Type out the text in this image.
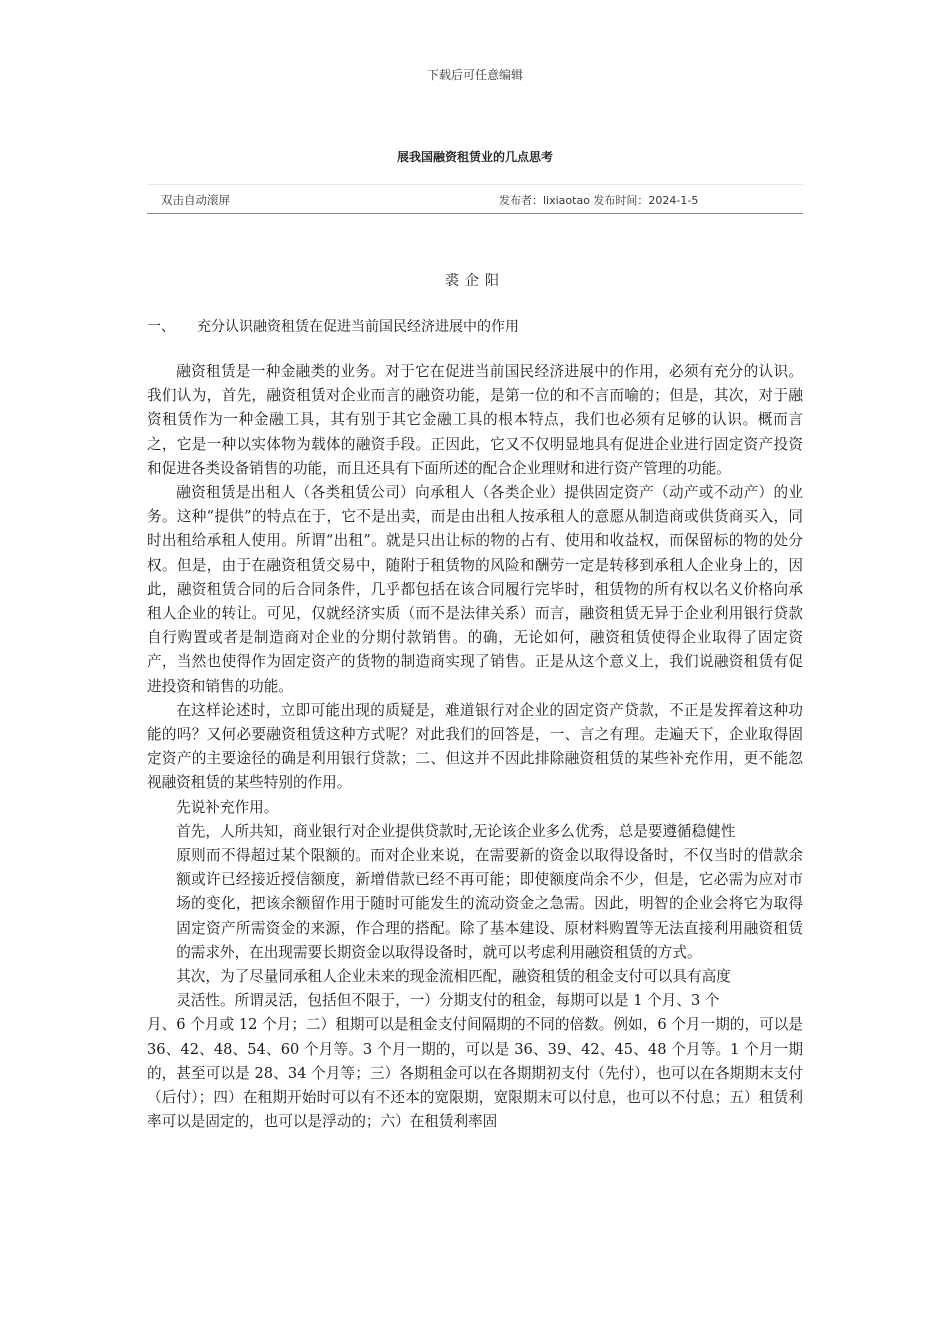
下载后可任意编辑
展我国融资租赁业的几点思考
双击自动滚屏	发布者：lixiaotao 发布时间：2024-1-5
裘企阳
一、 充分认识融资租赁在促进当前国民经济进展中的作用

融资租赁是一种金融类的业务。对于它在促进当前国民经济进展中的作用，必须有充分的认识。我们认为，首先，融资租赁对企业而言的融资功能，是第一位的和不言而喻的；但是，其次，对于融资租赁作为一种金融工具，其有别于其它金融工具的根本特点，我们也必须有足够的认识。概而言之，它是一种以实体物为载体的融资手段。正因此，它又不仅明显地具有促进企业进行固定资产投资和促进各类设备销售的功能，而且还具有下面所述的配合企业理财和进行资产管理的功能。

融资租赁是出租人（各类租赁公司）向承租人（各类企业）提供固定资产（动产或不动产）的业务。这种“提供”的特点在于，它不是出卖，而是由出租人按承租人的意愿从制造商或供货商买入，同时出租给承租人使用。所谓“出租”。就是只出让标的物的占有、使用和收益权，而保留标的物的处分权。但是，由于在融资租赁交易中，随附于租赁物的风险和酬劳一定是转移到承租人企业身上的，因此，融资租赁合同的后合同条件，几乎都包括在该合同履行完毕时，租赁物的所有权以名义价格向承租人企业的转让。可见，仅就经济实质（而不是法律关系）而言，融资租赁无异于企业利用银行贷款自行购置或者是制造商对企业的分期付款销售。的确，无论如何，融资租赁使得企业取得了固定资产，当然也使得作为固定资产的货物的制造商实现了销售。正是从这个意义上，我们说融资租赁有促进投资和销售的功能。

在这样论述时，立即可能出现的质疑是，难道银行对企业的固定资产贷款，不正是发挥着这种功能的吗？又何必要融资租赁这种方式呢？对此我们的回答是，一、言之有理。走遍天下，企业取得固定资产的主要途径的确是利用银行贷款；二、但这并不因此排除融资租赁的某些补充作用，更不能忽视融资租赁的某些特别的作用。

先说补充作用。

首先，人所共知，商业银行对企业提供贷款时,无论该企业多么优秀，总是要遵循稳健性

原则而不得超过某个限额的。而对企业来说，在需要新的资金以取得设备时，不仅当时的借款余额或许已经接近授信额度，新增借款已经不再可能；即使额度尚余不少，但是，它必需为应对市场的变化，把该余额留作用于随时可能发生的流动资金之急需。因此，明智的企业会将它为取得固定资产所需资金的来源，作合理的搭配。除了基本建设、原材料购置等无法直接利用融资租赁的需求外，在出现需要长期资金以取得设备时，就可以考虑利用融资租赁的方式。

其次，为了尽量同承租人企业未来的现金流相匹配，融资租赁的租金支付可以具有高度

灵活性。所谓灵活，包括但不限于，一）分期支付的租金，每期可以是 1 个月、3 个

月、6 个月或 12 个月；二）租期可以是租金支付间隔期的不同的倍数。例如，6 个月一期的，可以是 36、42、48、54、60 个月等。3 个月一期的，可以是 36、39、42、45、48 个月等。1 个月一期的，甚至可以是 28、34 个月等；三）各期租金可以在各期期初支付（先付），也可以在各期期末支付（后付）；四）在租期开始时可以有不还本的宽限期，宽限期末可以付息，也可以不付息；五）租赁利率可以是固定的，也可以是浮动的；六）在租赁利率固
